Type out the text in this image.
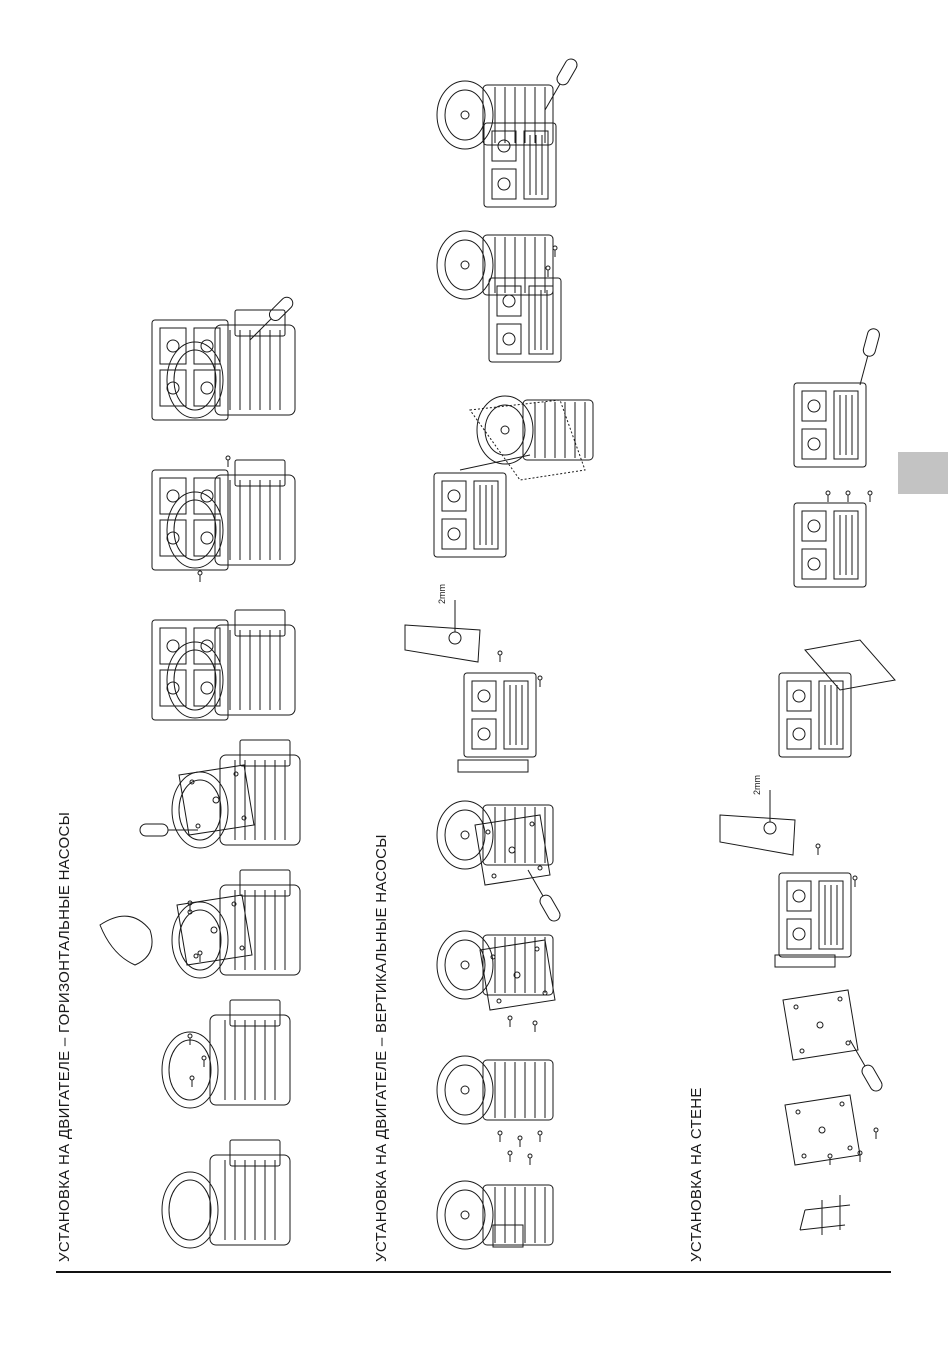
УСТАНОВКА НА ДВИГАТЕЛЕ – ГОРИЗОНТАЛЬНЫЕ НАСОСЫ	УСТАНОВКА НА ДВИГАТЕЛЕ – ВЕРТИКАЛЬНЫЕ НАСОСЫ	УСТАНОВКА НА СТЕНЕ
2mm
2mm
